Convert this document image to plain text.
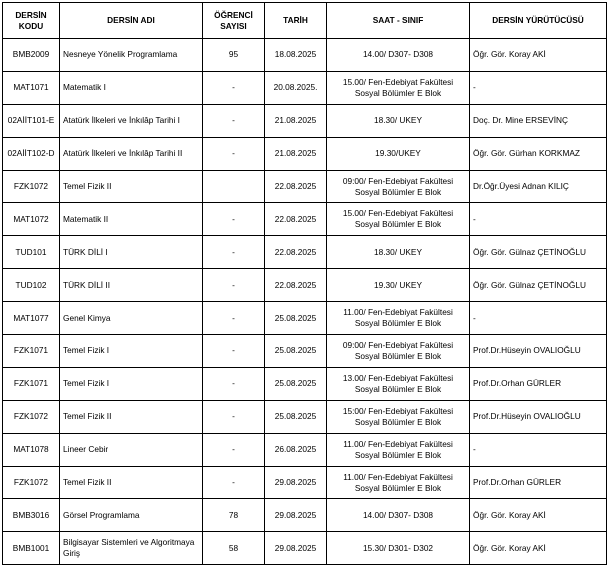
DERSİN KODU	DERSİN ADI	ÖĞRENCİ SAYISI	TARİH	SAAT - SINIF	DERSİN YÜRÜTÜCÜSÜ
BMB2009	Nesneye Yönelik Programlama	95	18.08.2025	14.00/ D307- D308	Öğr. Gör. Koray AKİ
MAT1071	Matematik I	-	20.08.2025.	15.00/ Fen-Edebiyat Fakültesi Sosyal Bölümler E Blok	-
02AİİT101-E	Atatürk İlkeleri ve İnkılâp Tarihi I	-	21.08.2025	18.30/ UKEY	Doç. Dr. Mine ERSEVİNÇ
02AİİT102-D	Atatürk İlkeleri ve İnkılâp Tarihi II	-	21.08.2025	19.30/UKEY	Öğr. Gör. Gürhan KORKMAZ
FZK1072	Temel Fizik II		22.08.2025	09:00/ Fen-Edebiyat Fakültesi Sosyal Bölümler E Blok	Dr.Öğr.Üyesi Adnan KILIÇ
MAT1072	Matematik II	-	22.08.2025	15.00/ Fen-Edebiyat Fakültesi Sosyal Bölümler E Blok	-
TUD101	TÜRK DİLİ I	-	22.08.2025	18.30/ UKEY	Öğr. Gör. Gülnaz ÇETİNOĞLU
TUD102	TÜRK DİLİ II	-	22.08.2025	19.30/ UKEY	Öğr. Gör. Gülnaz ÇETİNOĞLU
MAT1077	Genel Kimya	-	25.08.2025	11.00/ Fen-Edebiyat Fakültesi Sosyal Bölümler E Blok	-
FZK1071	Temel Fizik I	-	25.08.2025	09:00/ Fen-Edebiyat Fakültesi Sosyal Bölümler E Blok	Prof.Dr.Hüseyin OVALIOĞLU
FZK1071	Temel Fizik I	-	25.08.2025	13.00/ Fen-Edebiyat Fakültesi Sosyal Bölümler E Blok	Prof.Dr.Orhan GÜRLER
FZK1072	Temel Fizik II	-	25.08.2025	15:00/ Fen-Edebiyat Fakültesi Sosyal Bölümler E Blok	Prof.Dr.Hüseyin OVALIOĞLU
MAT1078	Lineer Cebir	-	26.08.2025	11.00/ Fen-Edebiyat Fakültesi Sosyal Bölümler E Blok	-
FZK1072	Temel Fizik II	-	29.08.2025	11.00/ Fen-Edebiyat Fakültesi Sosyal Bölümler E Blok	Prof.Dr.Orhan GÜRLER
BMB3016	Görsel Programlama	78	29.08.2025	14.00/ D307- D308	Öğr. Gör. Koray AKİ
BMB1001	Bilgisayar Sistemleri ve Algoritmaya Giriş	58	29.08.2025	15.30/ D301- D302	Öğr. Gör. Koray AKİ
